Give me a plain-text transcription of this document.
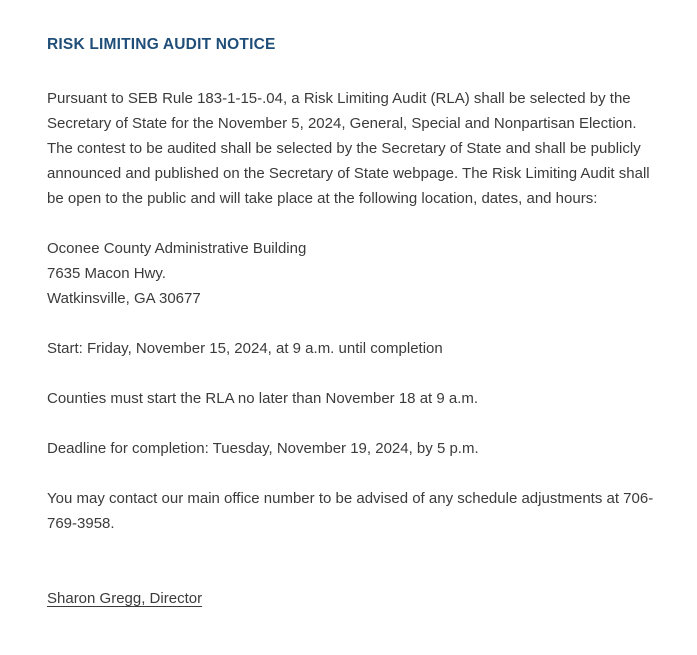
RISK LIMITING AUDIT NOTICE

Pursuant to SEB Rule 183-1-15-.04, a Risk Limiting Audit (RLA) shall be selected by the Secretary of State for the November 5, 2024, General, Special and Nonpartisan Election. The contest to be audited shall be selected by the Secretary of State and shall be publicly announced and published on the Secretary of State webpage. The Risk Limiting Audit shall be open to the public and will take place at the following location, dates, and hours:

Oconee County Administrative Building
7635 Macon Hwy.
Watkinsville, GA 30677

Start: Friday, November 15, 2024, at 9 a.m. until completion

Counties must start the RLA no later than November 18 at 9 a.m.

Deadline for completion: Tuesday, November 19, 2024, by 5 p.m.

You may contact our main office number to be advised of any schedule adjustments at 706-769-3958.

Sharon Gregg, Director
